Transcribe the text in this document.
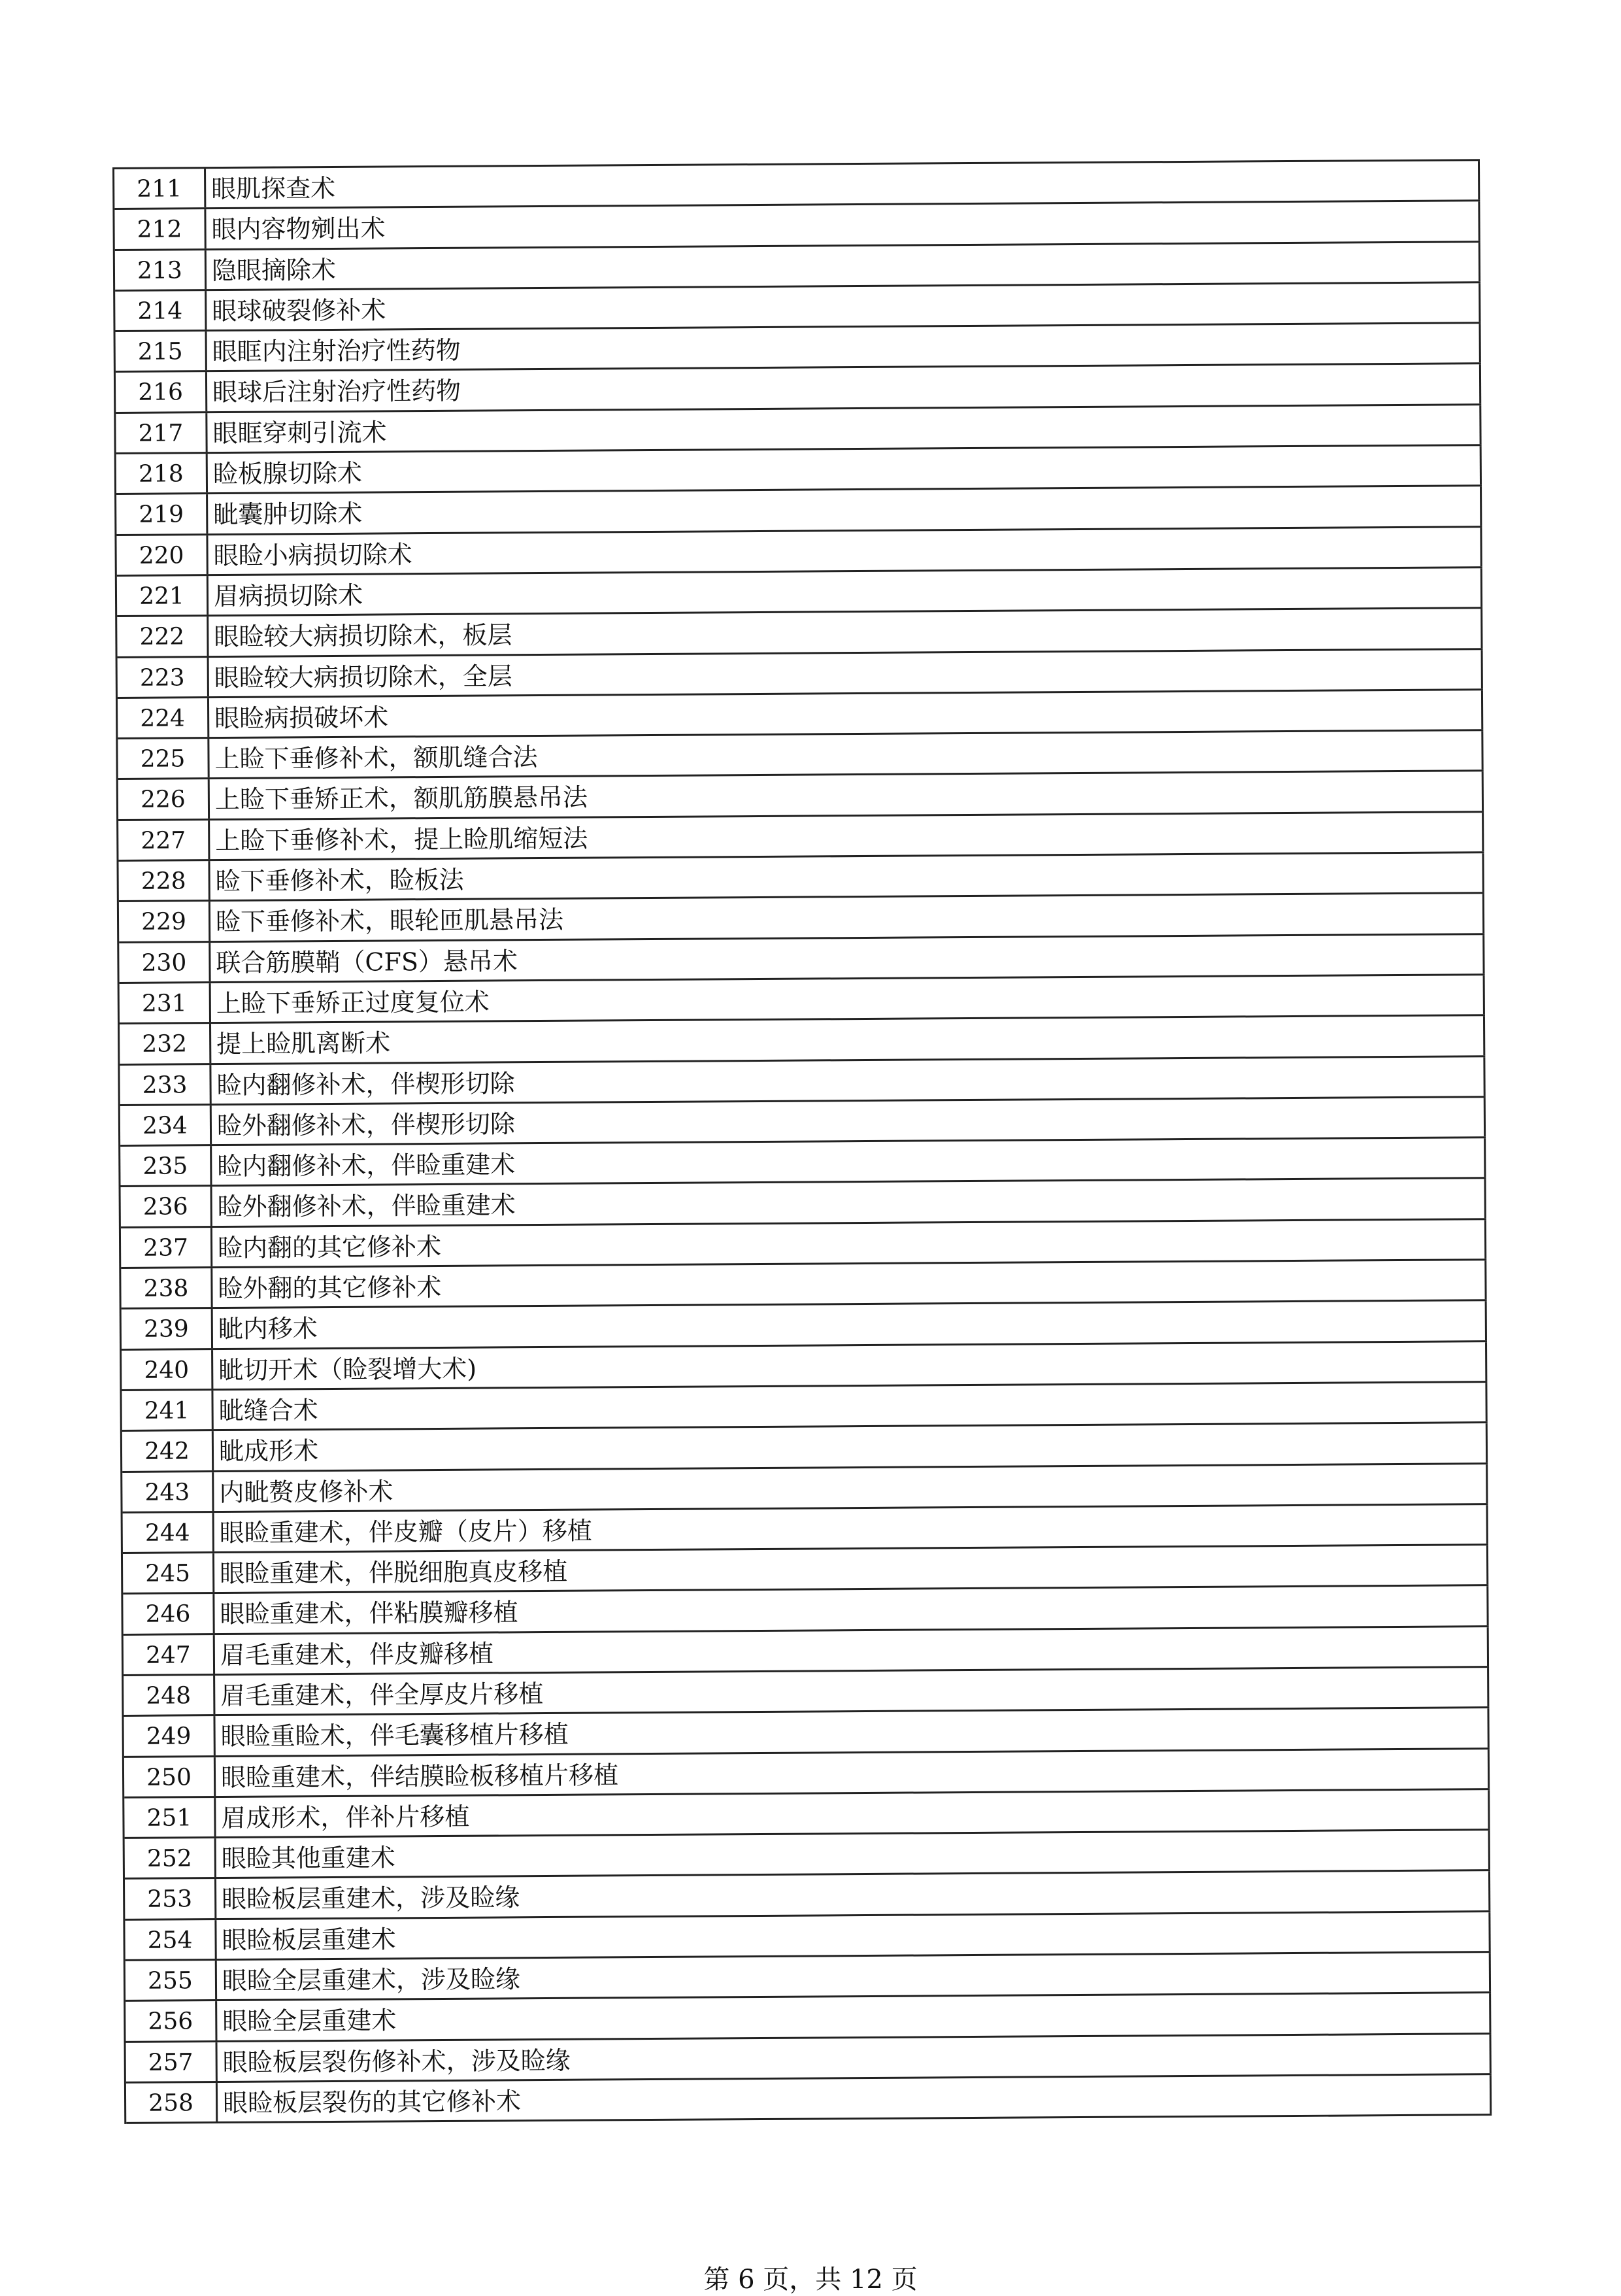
211	眼肌探查术
212	眼内容物剜出术
213	隐眼摘除术
214	眼球破裂修补术
215	眼眶内注射治疗性药物
216	眼球后注射治疗性药物
217	眼眶穿刺引流术
218	睑板腺切除术
219	眦囊肿切除术
220	眼睑小病损切除术
221	眉病损切除术
222	眼睑较大病损切除术，板层
223	眼睑较大病损切除术，全层
224	眼睑病损破坏术
225	上睑下垂修补术，额肌缝合法
226	上睑下垂矫正术，额肌筋膜悬吊法
227	上睑下垂修补术，提上睑肌缩短法
228	睑下垂修补术，睑板法
229	睑下垂修补术，眼轮匝肌悬吊法
230	联合筋膜鞘（CFS）悬吊术
231	上睑下垂矫正过度复位术
232	提上睑肌离断术
233	睑内翻修补术，伴楔形切除
234	睑外翻修补术，伴楔形切除
235	睑内翻修补术，伴睑重建术
236	睑外翻修补术，伴睑重建术
237	睑内翻的其它修补术
238	睑外翻的其它修补术
239	眦内移术
240	眦切开术（睑裂增大术)
241	眦缝合术
242	眦成形术
243	内眦赘皮修补术
244	眼睑重建术，伴皮瓣（皮片）移植
245	眼睑重建术，伴脱细胞真皮移植
246	眼睑重建术，伴粘膜瓣移植
247	眉毛重建术，伴皮瓣移植
248	眉毛重建术，伴全厚皮片移植
249	眼睑重睑术，伴毛囊移植片移植
250	眼睑重建术，伴结膜睑板移植片移植
251	眉成形术，伴补片移植
252	眼睑其他重建术
253	眼睑板层重建术，涉及睑缘
254	眼睑板层重建术
255	眼睑全层重建术，涉及睑缘
256	眼睑全层重建术
257	眼睑板层裂伤修补术，涉及睑缘
258	眼睑板层裂伤的其它修补术
第 6 页，共 12 页
